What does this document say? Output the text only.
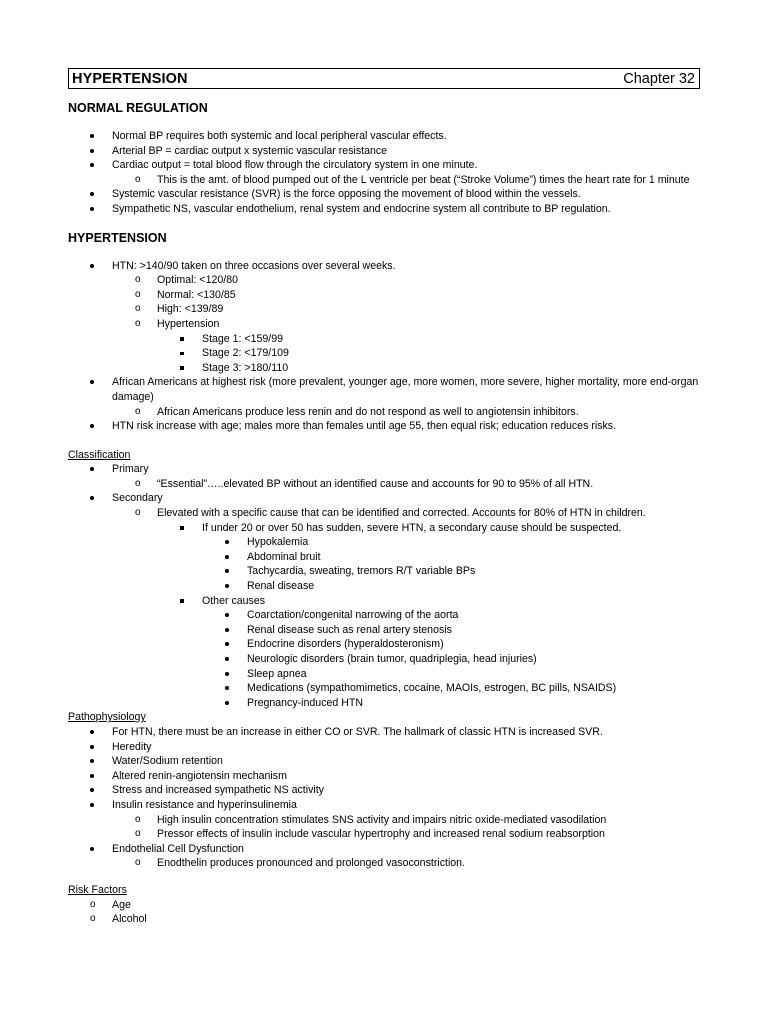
HYPERTENSION	Chapter 32
NORMAL REGULATION
Normal BP requires both systemic and local peripheral vascular effects.
Arterial BP = cardiac output x systemic vascular resistance
Cardiac output = total blood flow through the circulatory system in one minute.
o This is the amt. of blood pumped out of the L ventricle per beat (“Stroke Volume”) times the heart rate for 1 minute
Systemic vascular resistance (SVR) is the force opposing the movement of blood within the vessels.
Sympathetic NS, vascular endothelium, renal system and endocrine system all contribute to BP regulation.
HYPERTENSION
HTN: >140/90 taken on three occasions over several weeks.
o Optimal: <120/80
o Normal: <130/85
o High: <139/89
o Hypertension
Stage 1: <159/99
Stage 2: <179/109
Stage 3: >180/110
African Americans at highest risk (more prevalent, younger age, more women, more severe, higher mortality, more end-organ damage)
o African Americans produce less renin and do not respond as well to angiotensin inhibitors.
HTN risk increase with age; males more than females until age 55, then equal risk; education reduces risks.
Classification
Primary
o “Essential”…..elevated BP without an identified cause and accounts for 90 to 95% of all HTN.
Secondary
o Elevated with a specific cause that can be identified and corrected. Accounts for 80% of HTN in children.
If under 20 or over 50 has sudden, severe HTN, a secondary cause should be suspected.
Hypokalemia
Abdominal bruit
Tachycardia, sweating, tremors R/T variable BPs
Renal disease
Other causes
Coarctation/congenital narrowing of the aorta
Renal disease such as renal artery stenosis
Endocrine disorders (hyperaldosteronism)
Neurologic disorders (brain tumor, quadriplegia, head injuries)
Sleep apnea
Medications (sympathomimetics, cocaine, MAOIs, estrogen, BC pills, NSAIDS)
Pregnancy-induced HTN
Pathophysiology
For HTN, there must be an increase in either CO or SVR. The hallmark of classic HTN is increased SVR.
Heredity
Water/Sodium retention
Altered renin-angiotensin mechanism
Stress and increased sympathetic NS activity
Insulin resistance and hyperinsulinemia
o High insulin concentration stimulates SNS activity and impairs nitric oxide-mediated vasodilation
o Pressor effects of insulin include vascular hypertrophy and increased renal sodium reabsorption
Endothelial Cell Dysfunction
o Enodthelin produces pronounced and prolonged vasoconstriction.
Risk Factors
o Age
o Alcohol
